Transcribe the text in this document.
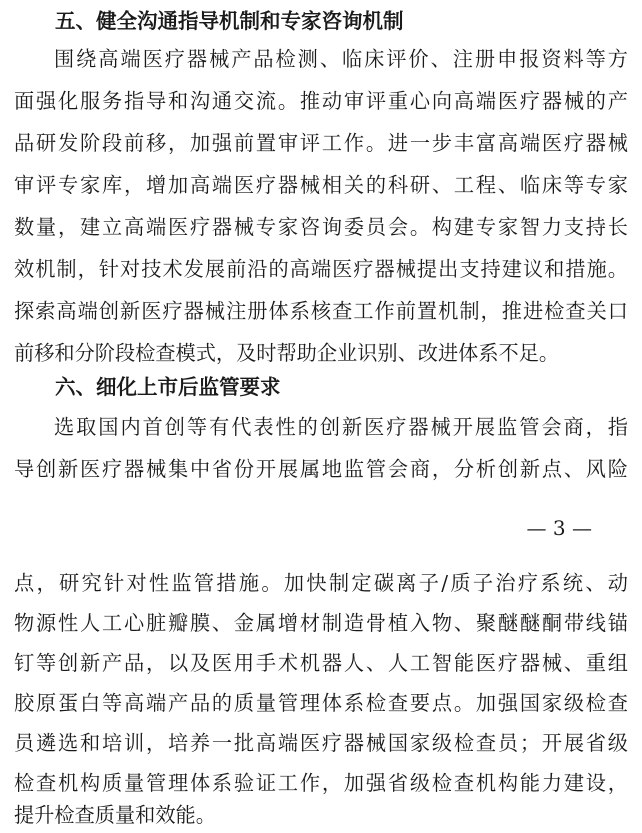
五、健全沟通指导机制和专家咨询机制
围绕高端医疗器械产品检测、临床评价、注册申报资料等方
面强化服务指导和沟通交流。推动审评重心向高端医疗器械的产
品研发阶段前移，加强前置审评工作。进一步丰富高端医疗器械
审评专家库，增加高端医疗器械相关的科研、工程、临床等专家
数量，建立高端医疗器械专家咨询委员会。构建专家智力支持长
效机制，针对技术发展前沿的高端医疗器械提出支持建议和措施。
探索高端创新医疗器械注册体系核查工作前置机制，推进检查关口
前移和分阶段检查模式，及时帮助企业识别、改进体系不足。
六、细化上市后监管要求
选取国内首创等有代表性的创新医疗器械开展监管会商，指
导创新医疗器械集中省份开展属地监管会商，分析创新点、风险
— 3 —
点，研究针对性监管措施。加快制定碳离子/质子治疗系统、动
物源性人工心脏瓣膜、金属增材制造骨植入物、聚醚醚酮带线锚
钉等创新产品，以及医用手术机器人、人工智能医疗器械、重组
胶原蛋白等高端产品的质量管理体系检查要点。加强国家级检查
员遴选和培训，培养一批高端医疗器械国家级检查员；开展省级
检查机构质量管理体系验证工作，加强省级检查机构能力建设，
提升检查质量和效能。
